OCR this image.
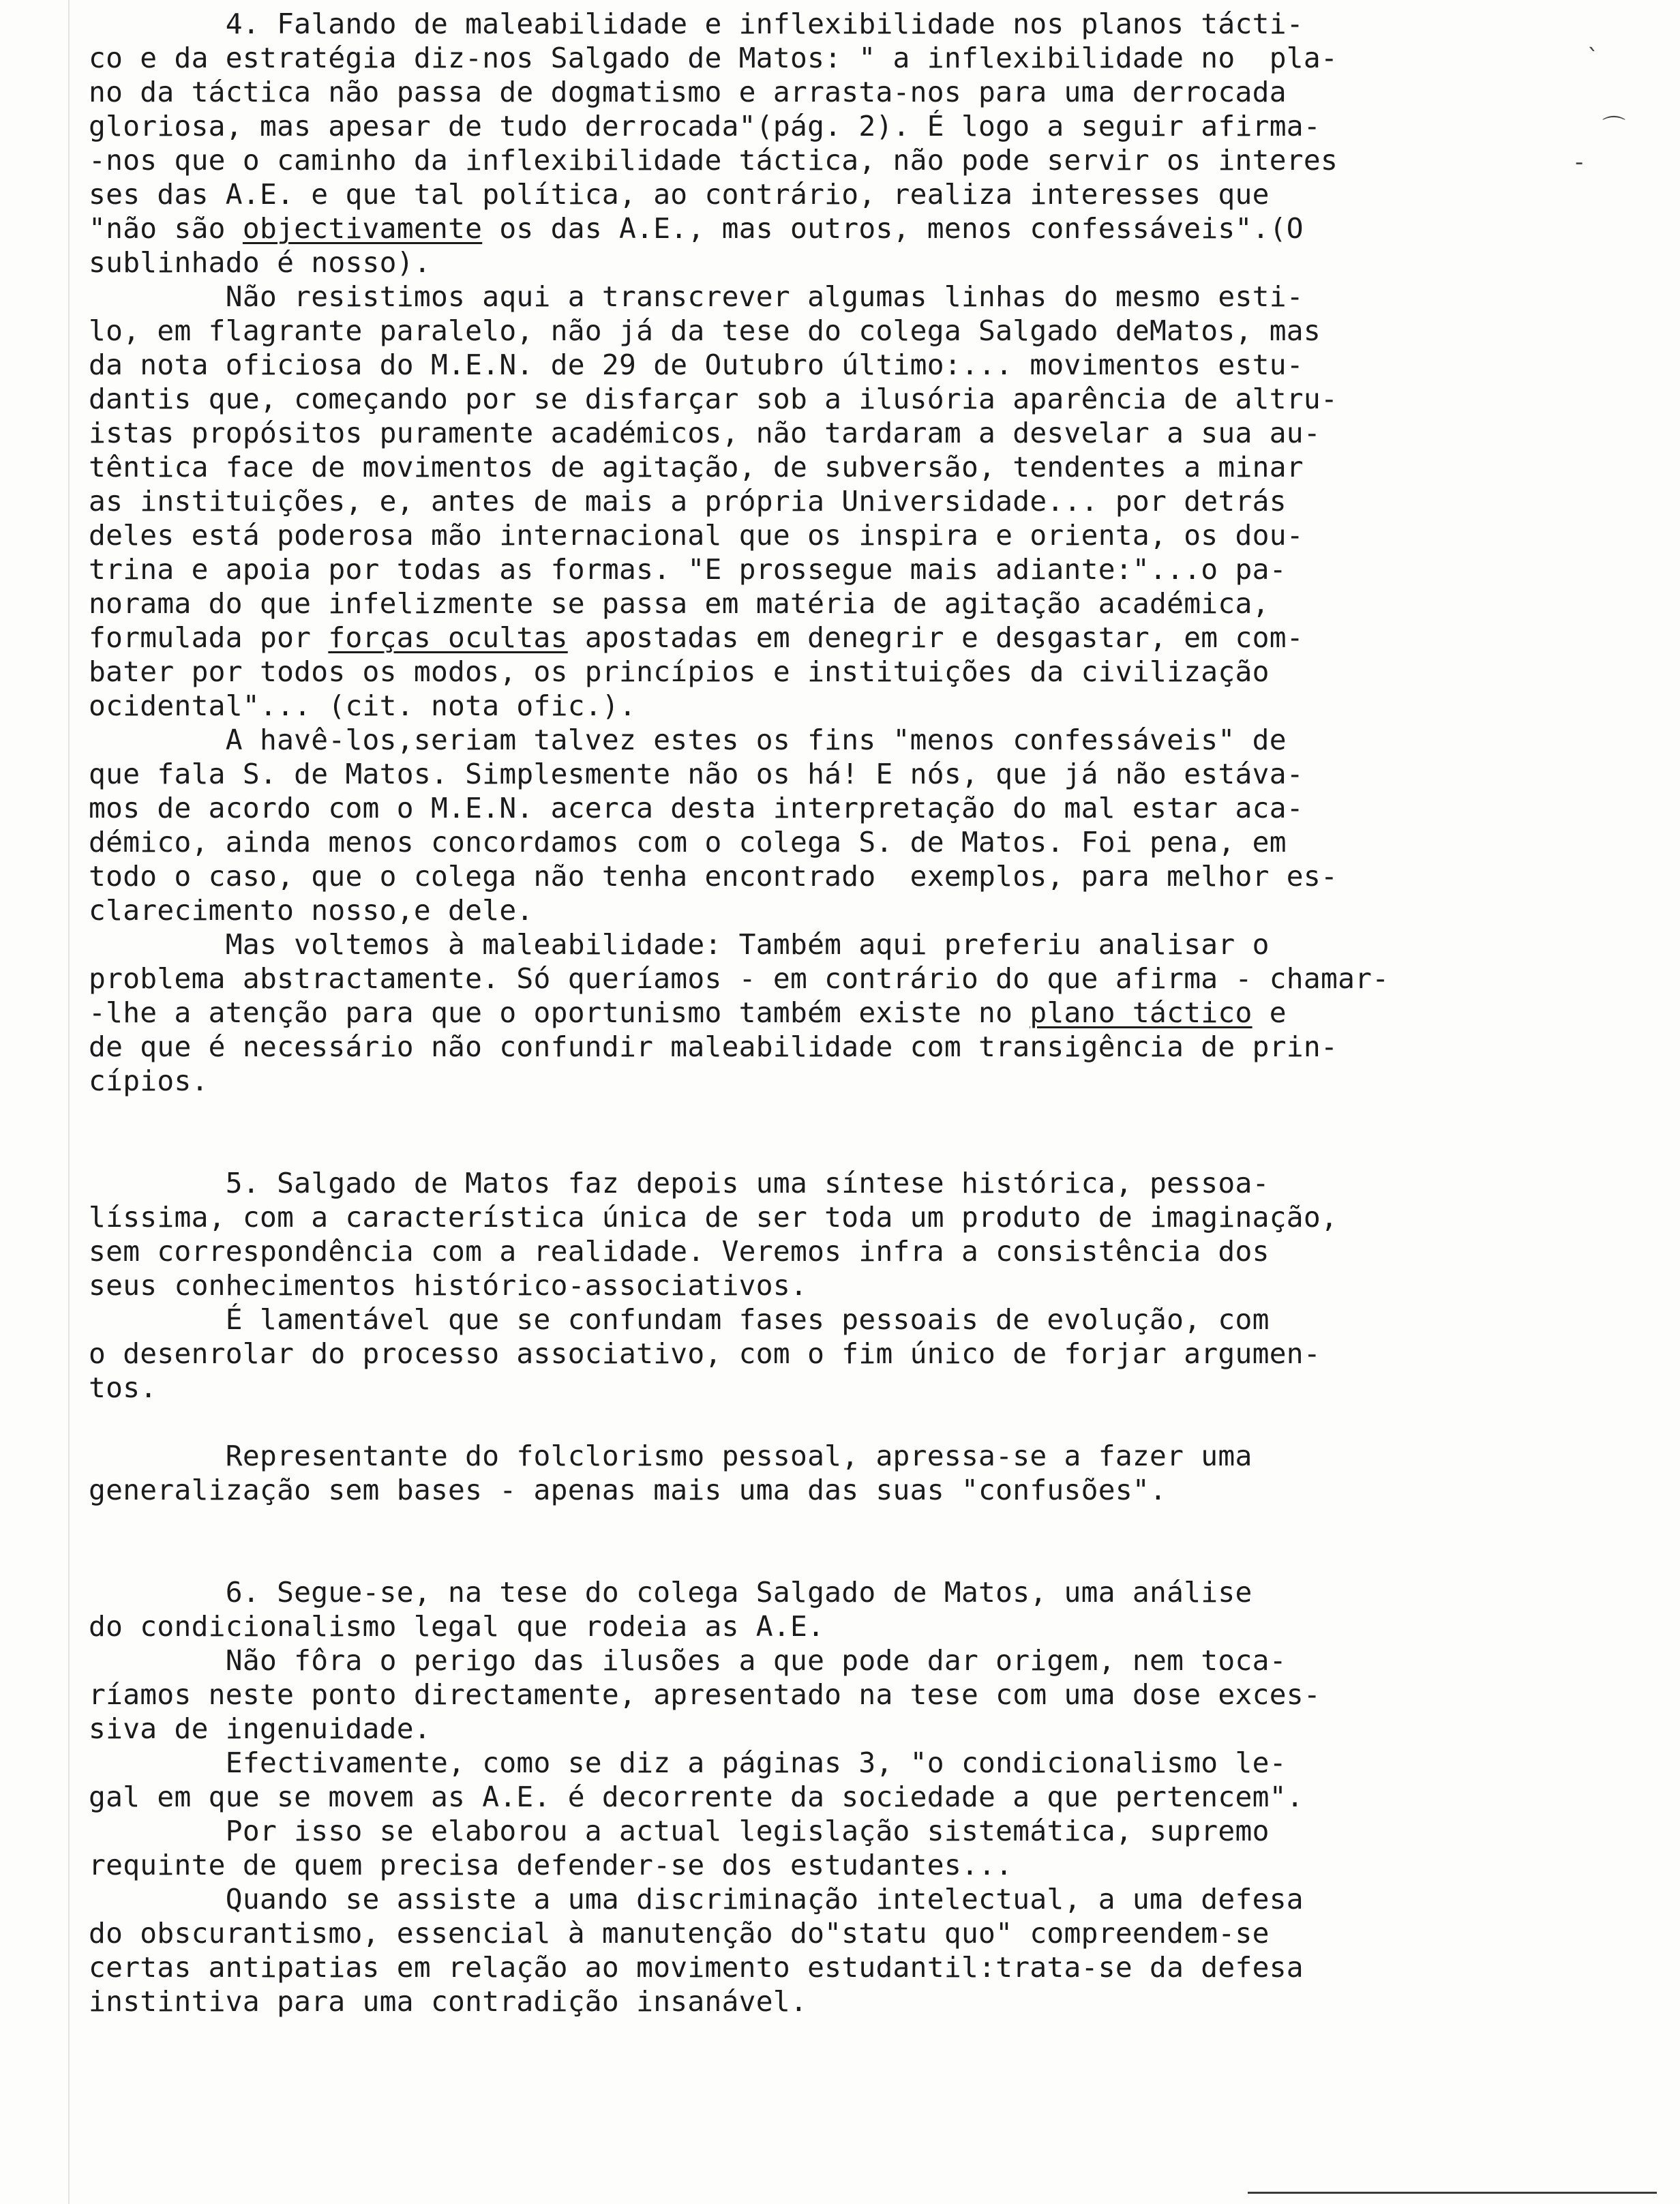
4. Falando de maleabilidade e inflexibilidade nos planos tácti-
co e da estratégia diz-nos Salgado de Matos: " a inflexibilidade no  pla-
no da táctica não passa de dogmatismo e arrasta-nos para uma derrocada
gloriosa, mas apesar de tudo derrocada"(pág. 2). É logo a seguir afirma-
-nos que o caminho da inflexibilidade táctica, não pode servir os interes
ses das A.E. e que tal política, ao contrário, realiza interesses que
"não são objectivamente os das A.E., mas outros, menos confessáveis".(O
sublinhado é nosso).
Não resistimos aqui a transcrever algumas linhas do mesmo esti-
lo, em flagrante paralelo, não já da tese do colega Salgado deMatos, mas
da nota oficiosa do M.E.N. de 29 de Outubro último:... movimentos estu-
dantis que, começando por se disfarçar sob a ilusória aparência de altru-
istas propósitos puramente académicos, não tardaram a desvelar a sua au-
têntica face de movimentos de agitação, de subversão, tendentes a minar
as instituições, e, antes de mais a própria Universidade... por detrás
deles está poderosa mão internacional que os inspira e orienta, os dou-
trina e apoia por todas as formas. "E prossegue mais adiante:"...o pa-
norama do que infelizmente se passa em matéria de agitação académica,
formulada por forças ocultas apostadas em denegrir e desgastar, em com-
bater por todos os modos, os princípios e instituições da civilização
ocidental"... (cit. nota ofic.).
A havê-los,seriam talvez estes os fins "menos confessáveis" de
que fala S. de Matos. Simplesmente não os há! E nós, que já não estáva-
mos de acordo com o M.E.N. acerca desta interpretação do mal estar aca-
démico, ainda menos concordamos com o colega S. de Matos. Foi pena, em
todo o caso, que o colega não tenha encontrado  exemplos, para melhor es-
clarecimento nosso,e dele.
Mas voltemos à maleabilidade: Também aqui preferiu analisar o
problema abstractamente. Só queríamos - em contrário do que afirma - chamar-
-lhe a atenção para que o oportunismo também existe no plano táctico e
de que é necessário não confundir maleabilidade com transigência de prin-
cípios.
5. Salgado de Matos faz depois uma síntese histórica, pessoa-
líssima, com a característica única de ser toda um produto de imaginação,
sem correspondência com a realidade. Veremos infra a consistência dos
seus conhecimentos histórico-associativos.
É lamentável que se confundam fases pessoais de evolução, com
o desenrolar do processo associativo, com o fim único de forjar argumen-
tos.
Representante do folclorismo pessoal, apressa-se a fazer uma
generalização sem bases - apenas mais uma das suas "confusões".
6. Segue-se, na tese do colega Salgado de Matos, uma análise
do condicionalismo legal que rodeia as A.E.
Não fôra o perigo das ilusões a que pode dar origem, nem toca-
ríamos neste ponto directamente, apresentado na tese com uma dose exces-
siva de ingenuidade.
Efectivamente, como se diz a páginas 3, "o condicionalismo le-
gal em que se movem as A.E. é decorrente da sociedade a que pertencem".
Por isso se elaborou a actual legislação sistemática, supremo
requinte de quem precisa defender-se dos estudantes...
Quando se assiste a uma discriminação intelectual, a uma defesa
do obscurantismo, essencial à manutenção do"statu quo" compreendem-se
certas antipatias em relação ao movimento estudantil:trata-se da defesa
instintiva para uma contradição insanável.
ˎ
⌒
-
